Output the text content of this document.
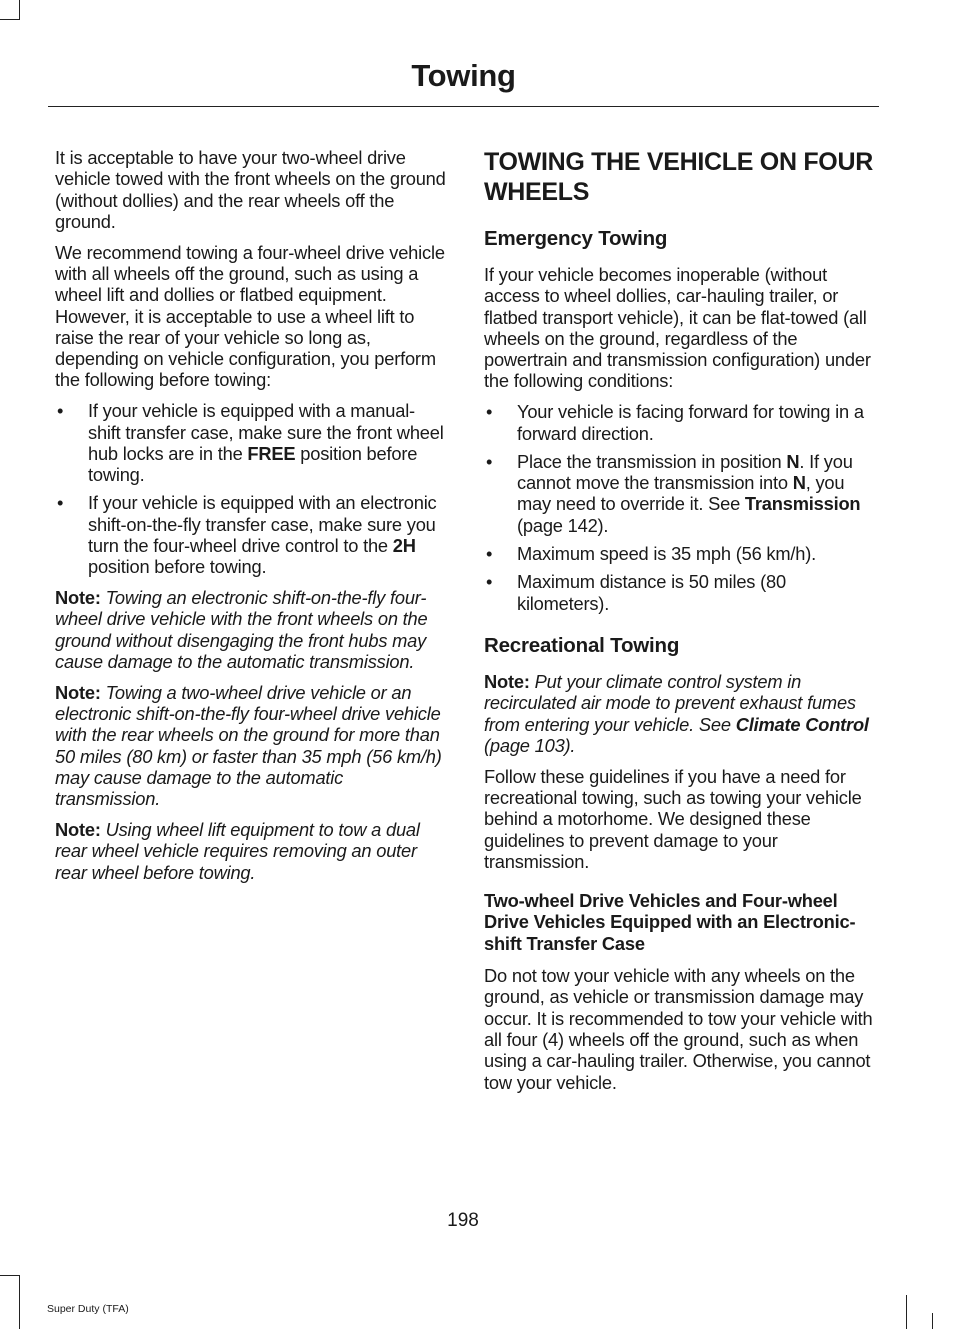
Towing

It is acceptable to have your two-wheel drive vehicle towed with the front wheels on the ground (without dollies) and the rear wheels off the ground.

We recommend towing a four-wheel drive vehicle with all wheels off the ground, such as using a wheel lift and dollies or flatbed equipment. However, it is acceptable to use a wheel lift to raise the rear of your vehicle so long as, depending on vehicle configuration, you perform the following before towing:

• If your vehicle is equipped with a manual-shift transfer case, make sure the front wheel hub locks are in the FREE position before towing.
• If your vehicle is equipped with an electronic shift-on-the-fly transfer case, make sure you turn the four-wheel drive control to the 2H position before towing.

Note: Towing an electronic shift-on-the-fly four-wheel drive vehicle with the front wheels on the ground without disengaging the front hubs may cause damage to the automatic transmission.

Note: Towing a two-wheel drive vehicle or an electronic shift-on-the-fly four-wheel drive vehicle with the rear wheels on the ground for more than 50 miles (80 km) or faster than 35 mph (56 km/h) may cause damage to the automatic transmission.

Note: Using wheel lift equipment to tow a dual rear wheel vehicle requires removing an outer rear wheel before towing.

TOWING THE VEHICLE ON FOUR WHEELS
Emergency Towing

If your vehicle becomes inoperable (without access to wheel dollies, car-hauling trailer, or flatbed transport vehicle), it can be flat-towed (all wheels on the ground, regardless of the powertrain and transmission configuration) under the following conditions:

• Your vehicle is facing forward for towing in a forward direction.
• Place the transmission in position N. If you cannot move the transmission into N, you may need to override it. See Transmission (page 142).
• Maximum speed is 35 mph (56 km/h).
• Maximum distance is 50 miles (80 kilometers).
Recreational Towing

Note: Put your climate control system in recirculated air mode to prevent exhaust fumes from entering your vehicle. See Climate Control (page 103).

Follow these guidelines if you have a need for recreational towing, such as towing your vehicle behind a motorhome. We designed these guidelines to prevent damage to your transmission.

Two-wheel Drive Vehicles and Four-wheel Drive Vehicles Equipped with an Electronic-shift Transfer Case

Do not tow your vehicle with any wheels on the ground, as vehicle or transmission damage may occur. It is recommended to tow your vehicle with all four (4) wheels off the ground, such as when using a car-hauling trailer. Otherwise, you cannot tow your vehicle.

198
Super Duty (TFA)
